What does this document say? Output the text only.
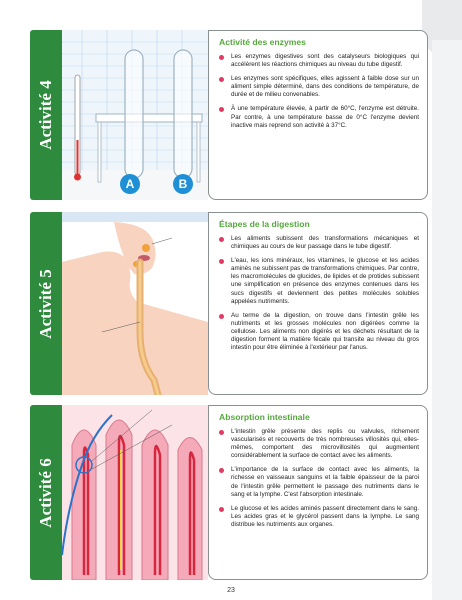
Activité 4
A	B
Activité des enzymes
Les enzymes digestives sont des catalyseurs biologiques qui accélèrent les réactions chimiques au niveau du tube digestif.
Les enzymes sont spécifiques, elles agissent à faible dose sur un aliment simple déterminé, dans des conditions de température, de durée et de milieu convenables.
À une température élevée, à partir de 60°C, l'enzyme est détruite. Par contre, à une température basse de 0°C l'enzyme devient inactive mais reprend son activité à 37°C.
Activité 5
Étapes de la digestion
Les aliments subissent des transformations mécaniques et chimiques au cours de leur passage dans le tube digestif.
L'eau, les ions minéraux, les vitamines, le glucose et les acides aminés ne subissent pas de transformations chimiques. Par contre, les macromolécules de glucides, de lipides et de protides subissent une simplification en présence des enzymes contenues dans les sucs digestifs et deviennent des petites molécules solubles appelées nutriments.
Au terme de la digestion, on trouve dans l'intestin grêle les nutriments et les grosses molécules non digérées comme la cellulose. Les aliments non digérés et les déchets résultant de la digestion forment la matière fécale qui transite au niveau du gros intestin pour être éliminée à l'extérieur par l'anus.
Activité 6
Absorption intestinale
L'intestin grêle présente des replis ou valvules, richement vascularisés et recouverts de très nombreuses villosités qui, elles-mêmes, comportent des microvillosités qui augmentent considérablement la surface de contact avec les aliments.
L'importance de la surface de contact avec les aliments, la richesse en vaisseaux sanguins et la faible épaisseur de la paroi de l'intestin grêle permettent le passage des nutriments dans le sang et la lymphe. C'est l'absorption intestinale.
Le glucose et les acides aminés passent directement dans le sang. Les acides gras et le glycérol passent dans la lymphe. Le sang distribue les nutriments aux organes.
23
